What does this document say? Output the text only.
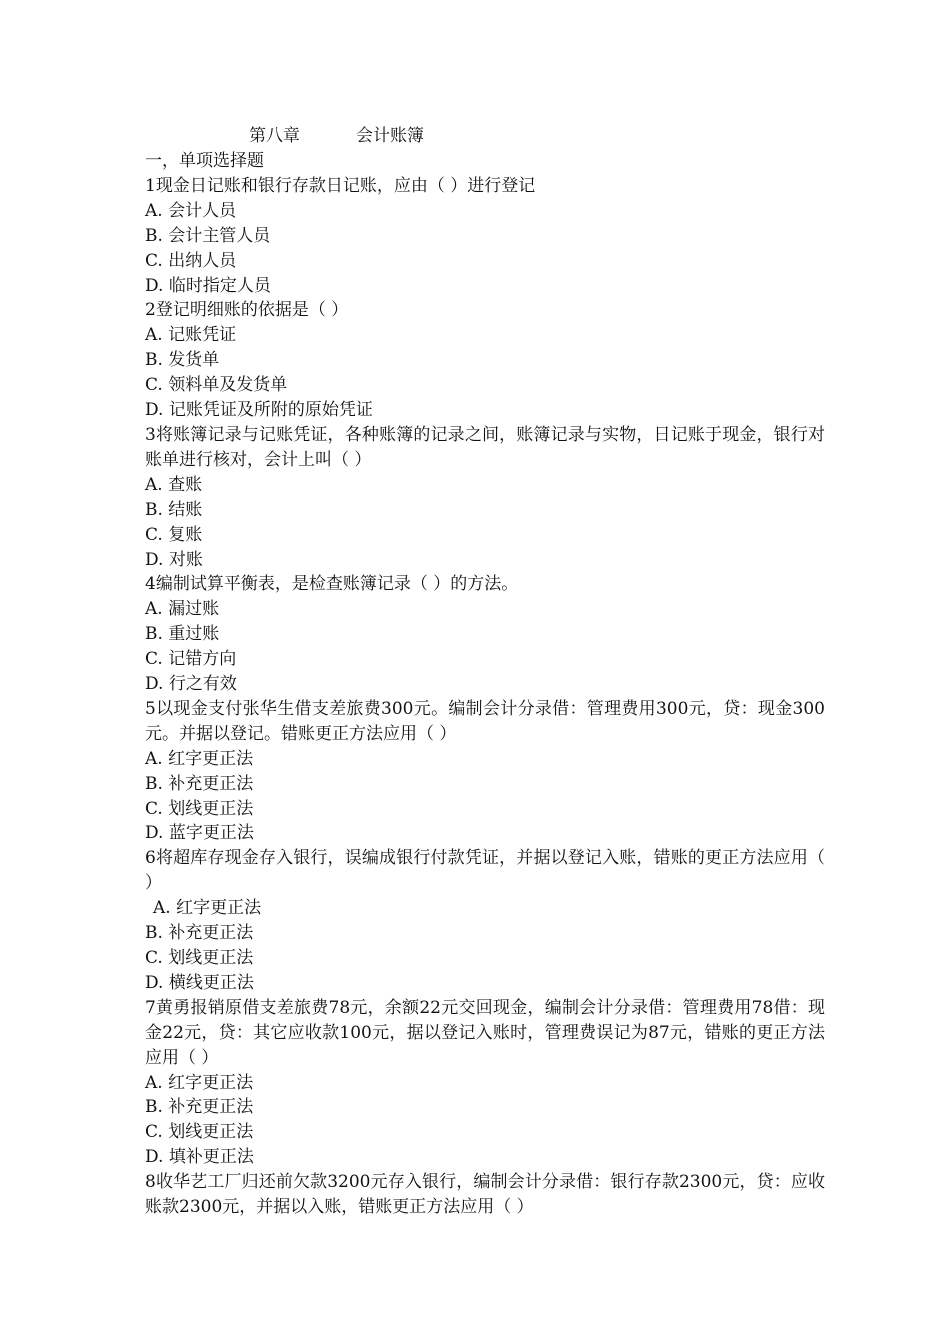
第八章	会计账簿

一，单项选择题

1现金日记账和银行存款日记账，应由（ ）进行登记

A. 会计人员

B. 会计主管人员

C. 出纳人员

D. 临时指定人员

2登记明细账的依据是（ ）

A. 记账凭证

B. 发货单

C. 领料单及发货单

D. 记账凭证及所附的原始凭证

3将账簿记录与记账凭证，各种账簿的记录之间，账簿记录与实物，日记账于现金，银行对账单进行核对，会计上叫（ ）

A. 查账

B. 结账

C. 复账

D. 对账

4编制试算平衡表，是检查账簿记录（ ）的方法。

A. 漏过账

B. 重过账

C. 记错方向

D. 行之有效

5以现金支付张华生借支差旅费300元。编制会计分录借：管理费用300元，贷：现金300元。并据以登记。错账更正方法应用（ ）

A. 红字更正法

B. 补充更正法

C. 划线更正法

D. 蓝字更正法

6将超库存现金存入银行，误编成银行付款凭证，并据以登记入账，错账的更正方法应用（ ）

A. 红字更正法

B. 补充更正法

C. 划线更正法

D. 横线更正法

7黄勇报销原借支差旅费78元，余额22元交回现金，编制会计分录借：管理费用78借：现金22元，贷：其它应收款100元，据以登记入账时，管理费误记为87元，错账的更正方法应用（ ）

A. 红字更正法

B. 补充更正法

C. 划线更正法

D. 填补更正法

8收华艺工厂归还前欠款3200元存入银行，编制会计分录借：银行存款2300元，贷：应收账款2300元，并据以入账，错账更正方法应用（ ）
